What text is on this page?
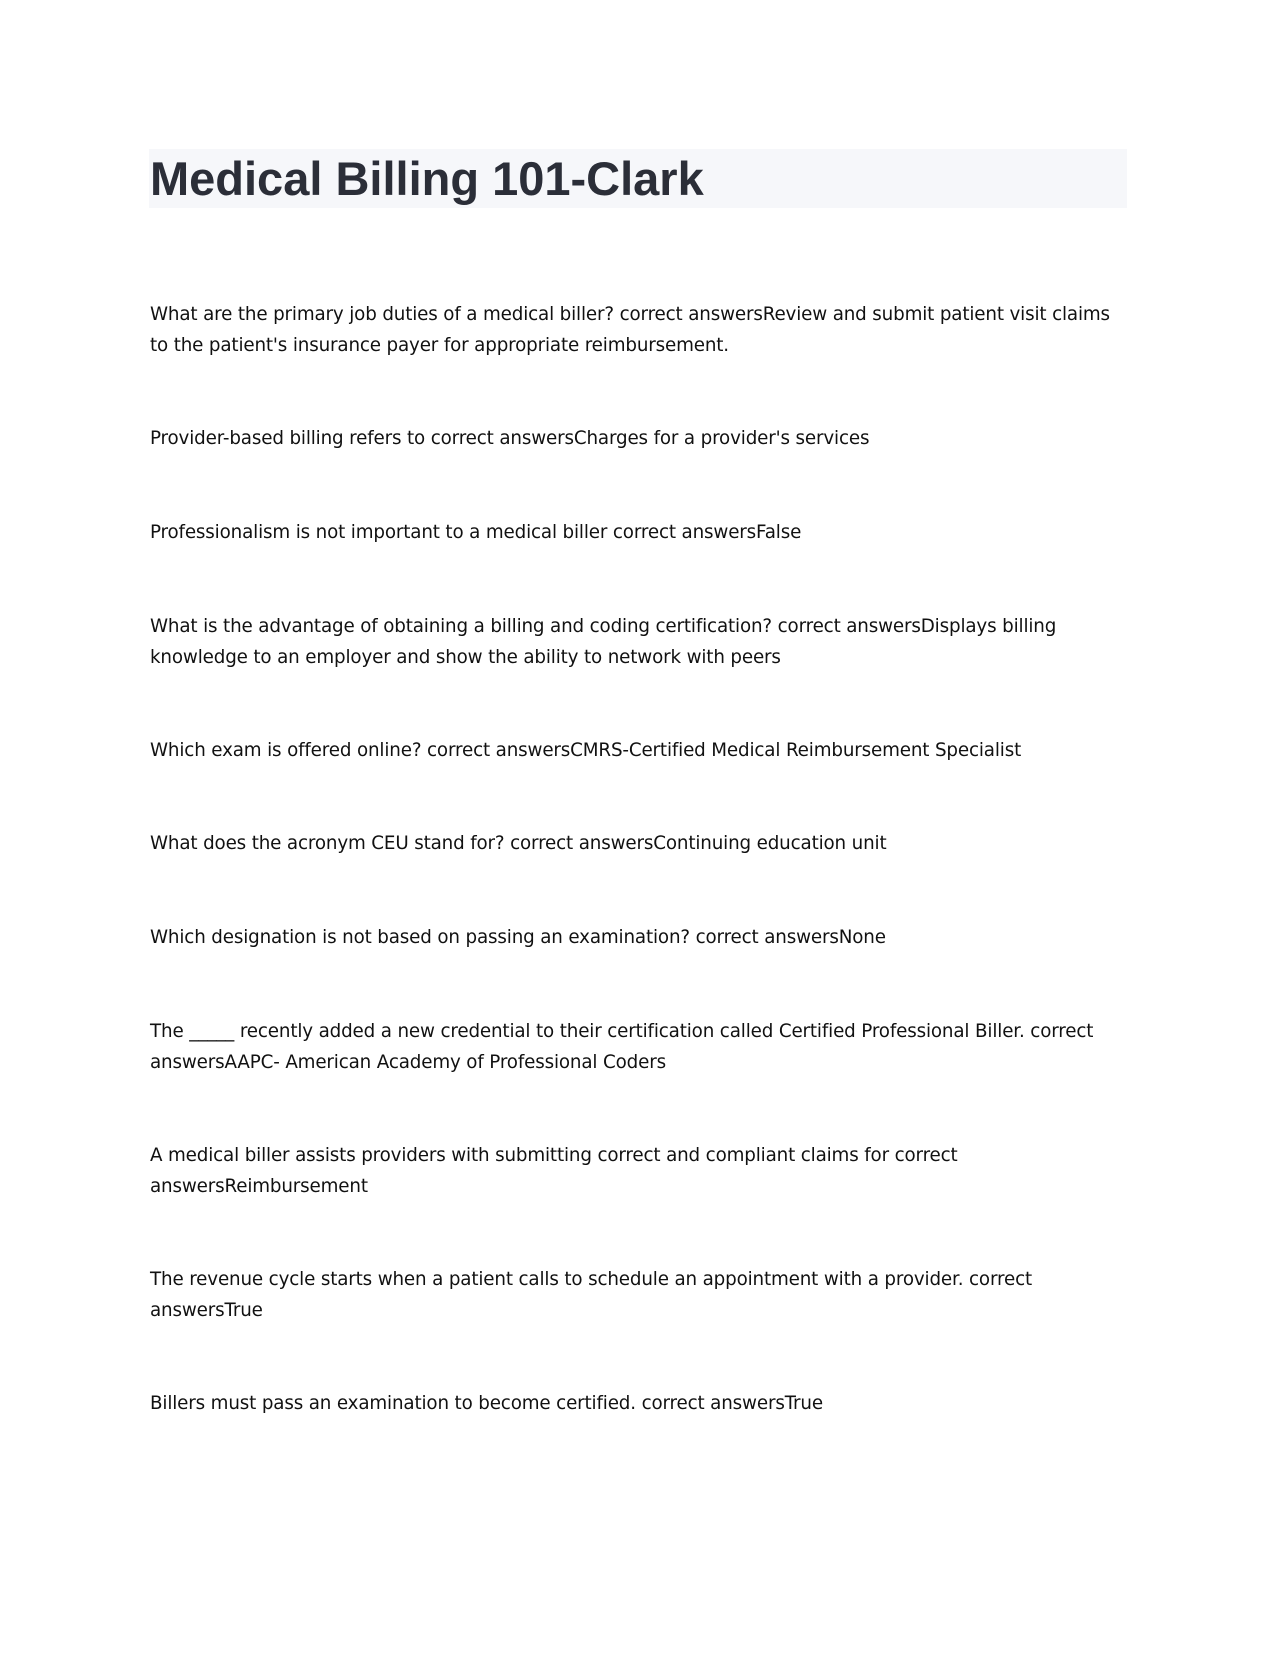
Medical Billing 101-Clark
What are the primary job duties of a medical biller? correct answersReview and submit patient visit claims to the patient's insurance payer for appropriate reimbursement.
Provider-based billing refers to correct answersCharges for a provider's services
Professionalism is not important to a medical biller correct answersFalse
What is the advantage of obtaining a billing and coding certification? correct answersDisplays billing knowledge to an employer and show the ability to network with peers
Which exam is offered online? correct answersCMRS-Certified Medical Reimbursement Specialist
What does the acronym CEU stand for? correct answersContinuing education unit
Which designation is not based on passing an examination? correct answersNone
The _____ recently added a new credential to their certification called Certified Professional Biller. correct answersAAPC- American Academy of Professional Coders
A medical biller assists providers with submitting correct and compliant claims for correct answersReimbursement
The revenue cycle starts when a patient calls to schedule an appointment with a provider. correct answersTrue
Billers must pass an examination to become certified. correct answersTrue
